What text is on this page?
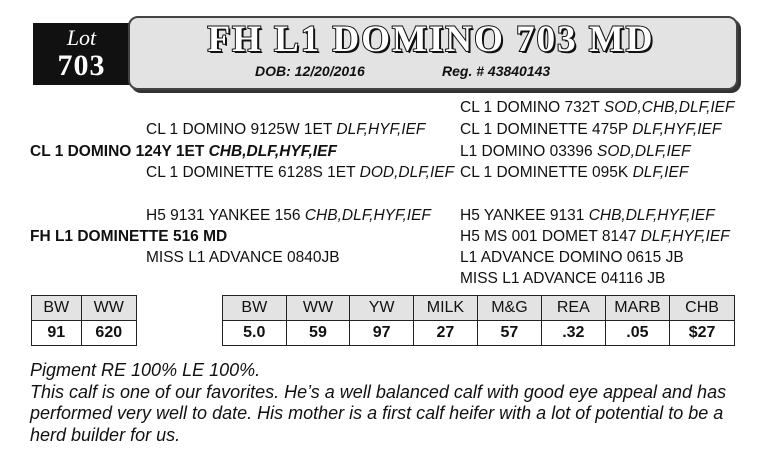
Lot
703
FH L1 DOMINO 703 MD
DOB: 12/20/2016	Reg. # 43840143
CL 1 DOMINO 732T SOD,CHB,DLF,IEF
CL 1 DOMINO 9125W 1ET DLF,HYF,IEF CL 1 DOMINETTE 475P DLF,HYF,IEF
CL 1 DOMINO 124Y 1ET CHB,DLF,HYF,IEF	L1 DOMINO 03396 SOD,DLF,IEF
CL 1 DOMINETTE 6128S 1ET DOD,DLF,IEF CL 1 DOMINETTE 095K DLF,IEF
H5 9131 YANKEE 156 CHB,DLF,HYF,IEF H5 YANKEE 9131 CHB,DLF,HYF,IEF
FH L1 DOMINETTE 516 MD	H5 MS 001 DOMET 8147 DLF,HYF,IEF
MISS L1 ADVANCE 0840JB	L1 ADVANCE DOMINO 0615 JB
MISS L1 ADVANCE 04116 JB
BW	WW
91	620
BW	WW	YW	MILK	M&G	REA	MARB	CHB
5.0	59	97	27	57	.32	.05	$27
Pigment RE 100% LE 100%.
This calf is one of our favorites. He’s a well balanced calf with good eye appeal and has performed very well to date. His mother is a first calf heifer with a lot of potential to be a herd builder for us.
